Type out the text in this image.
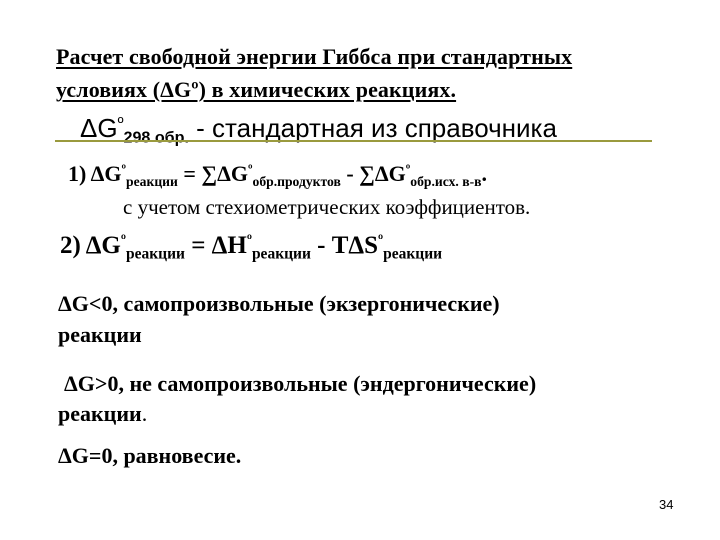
Расчет свободной энергии Гиббса при стандартных
условиях (ΔGº) в химических реакциях.
$\Delta G^º_{298 обр.}$ - стандартная из справочника
1) $\Delta G^º_{реакции} = \sum\Delta G^º_{обр.продуктов} - \sum\Delta G^º_{обр.исх. в-в}$.
с учетом стехиометрических коэффициентов.
2) $\Delta G^º_{реакции} = \Delta H^º_{реакции} - T\Delta S^º_{реакции}$
ΔG<0, самопроизвольные (экзергонические)
реакции
ΔG>0, не самопроизвольные (эндергонические)
реакции.
ΔG=0, равновесие.
34
